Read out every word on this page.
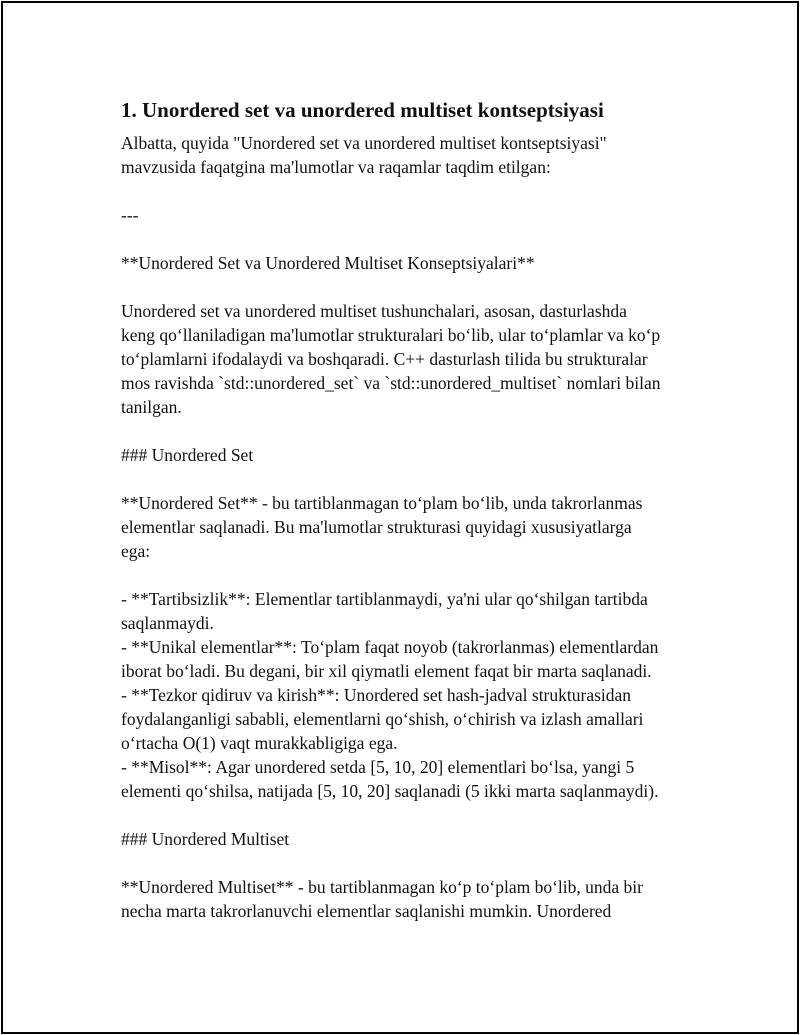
1. Unordered set va unordered multiset kontseptsiyasi

Albatta, quyida "Unordered set va unordered multiset kontseptsiyasi"
mavzusida faqatgina ma'lumotlar va raqamlar taqdim etilgan:

---

**Unordered Set va Unordered Multiset Konseptsiyalari**

Unordered set va unordered multiset tushunchalari, asosan, dasturlashda
keng qo‘llaniladigan ma'lumotlar strukturalari bo‘lib, ular to‘plamlar va ko‘p
to‘plamlarni ifodalaydi va boshqaradi. C++ dasturlash tilida bu strukturalar
mos ravishda `std::unordered_set` va `std::unordered_multiset` nomlari bilan
tanilgan.

### Unordered Set

**Unordered Set** - bu tartiblanmagan to‘plam bo‘lib, unda takrorlanmas
elementlar saqlanadi. Bu ma'lumotlar strukturasi quyidagi xususiyatlarga
ega:

- **Tartibsizlik**: Elementlar tartiblanmaydi, ya'ni ular qo‘shilgan tartibda
saqlanmaydi.
- **Unikal elementlar**: To‘plam faqat noyob (takrorlanmas) elementlardan
iborat bo‘ladi. Bu degani, bir xil qiymatli element faqat bir marta saqlanadi.
- **Tezkor qidiruv va kirish**: Unordered set hash-jadval strukturasidan
foydalanganligi sababli, elementlarni qo‘shish, o‘chirish va izlash amallari
o‘rtacha O(1) vaqt murakkabligiga ega.
- **Misol**: Agar unordered setda [5, 10, 20] elementlari bo‘lsa, yangi 5
elementi qo‘shilsa, natijada [5, 10, 20] saqlanadi (5 ikki marta saqlanmaydi).

### Unordered Multiset

**Unordered Multiset** - bu tartiblanmagan ko‘p to‘plam bo‘lib, unda bir
necha marta takrorlanuvchi elementlar saqlanishi mumkin. Unordered
